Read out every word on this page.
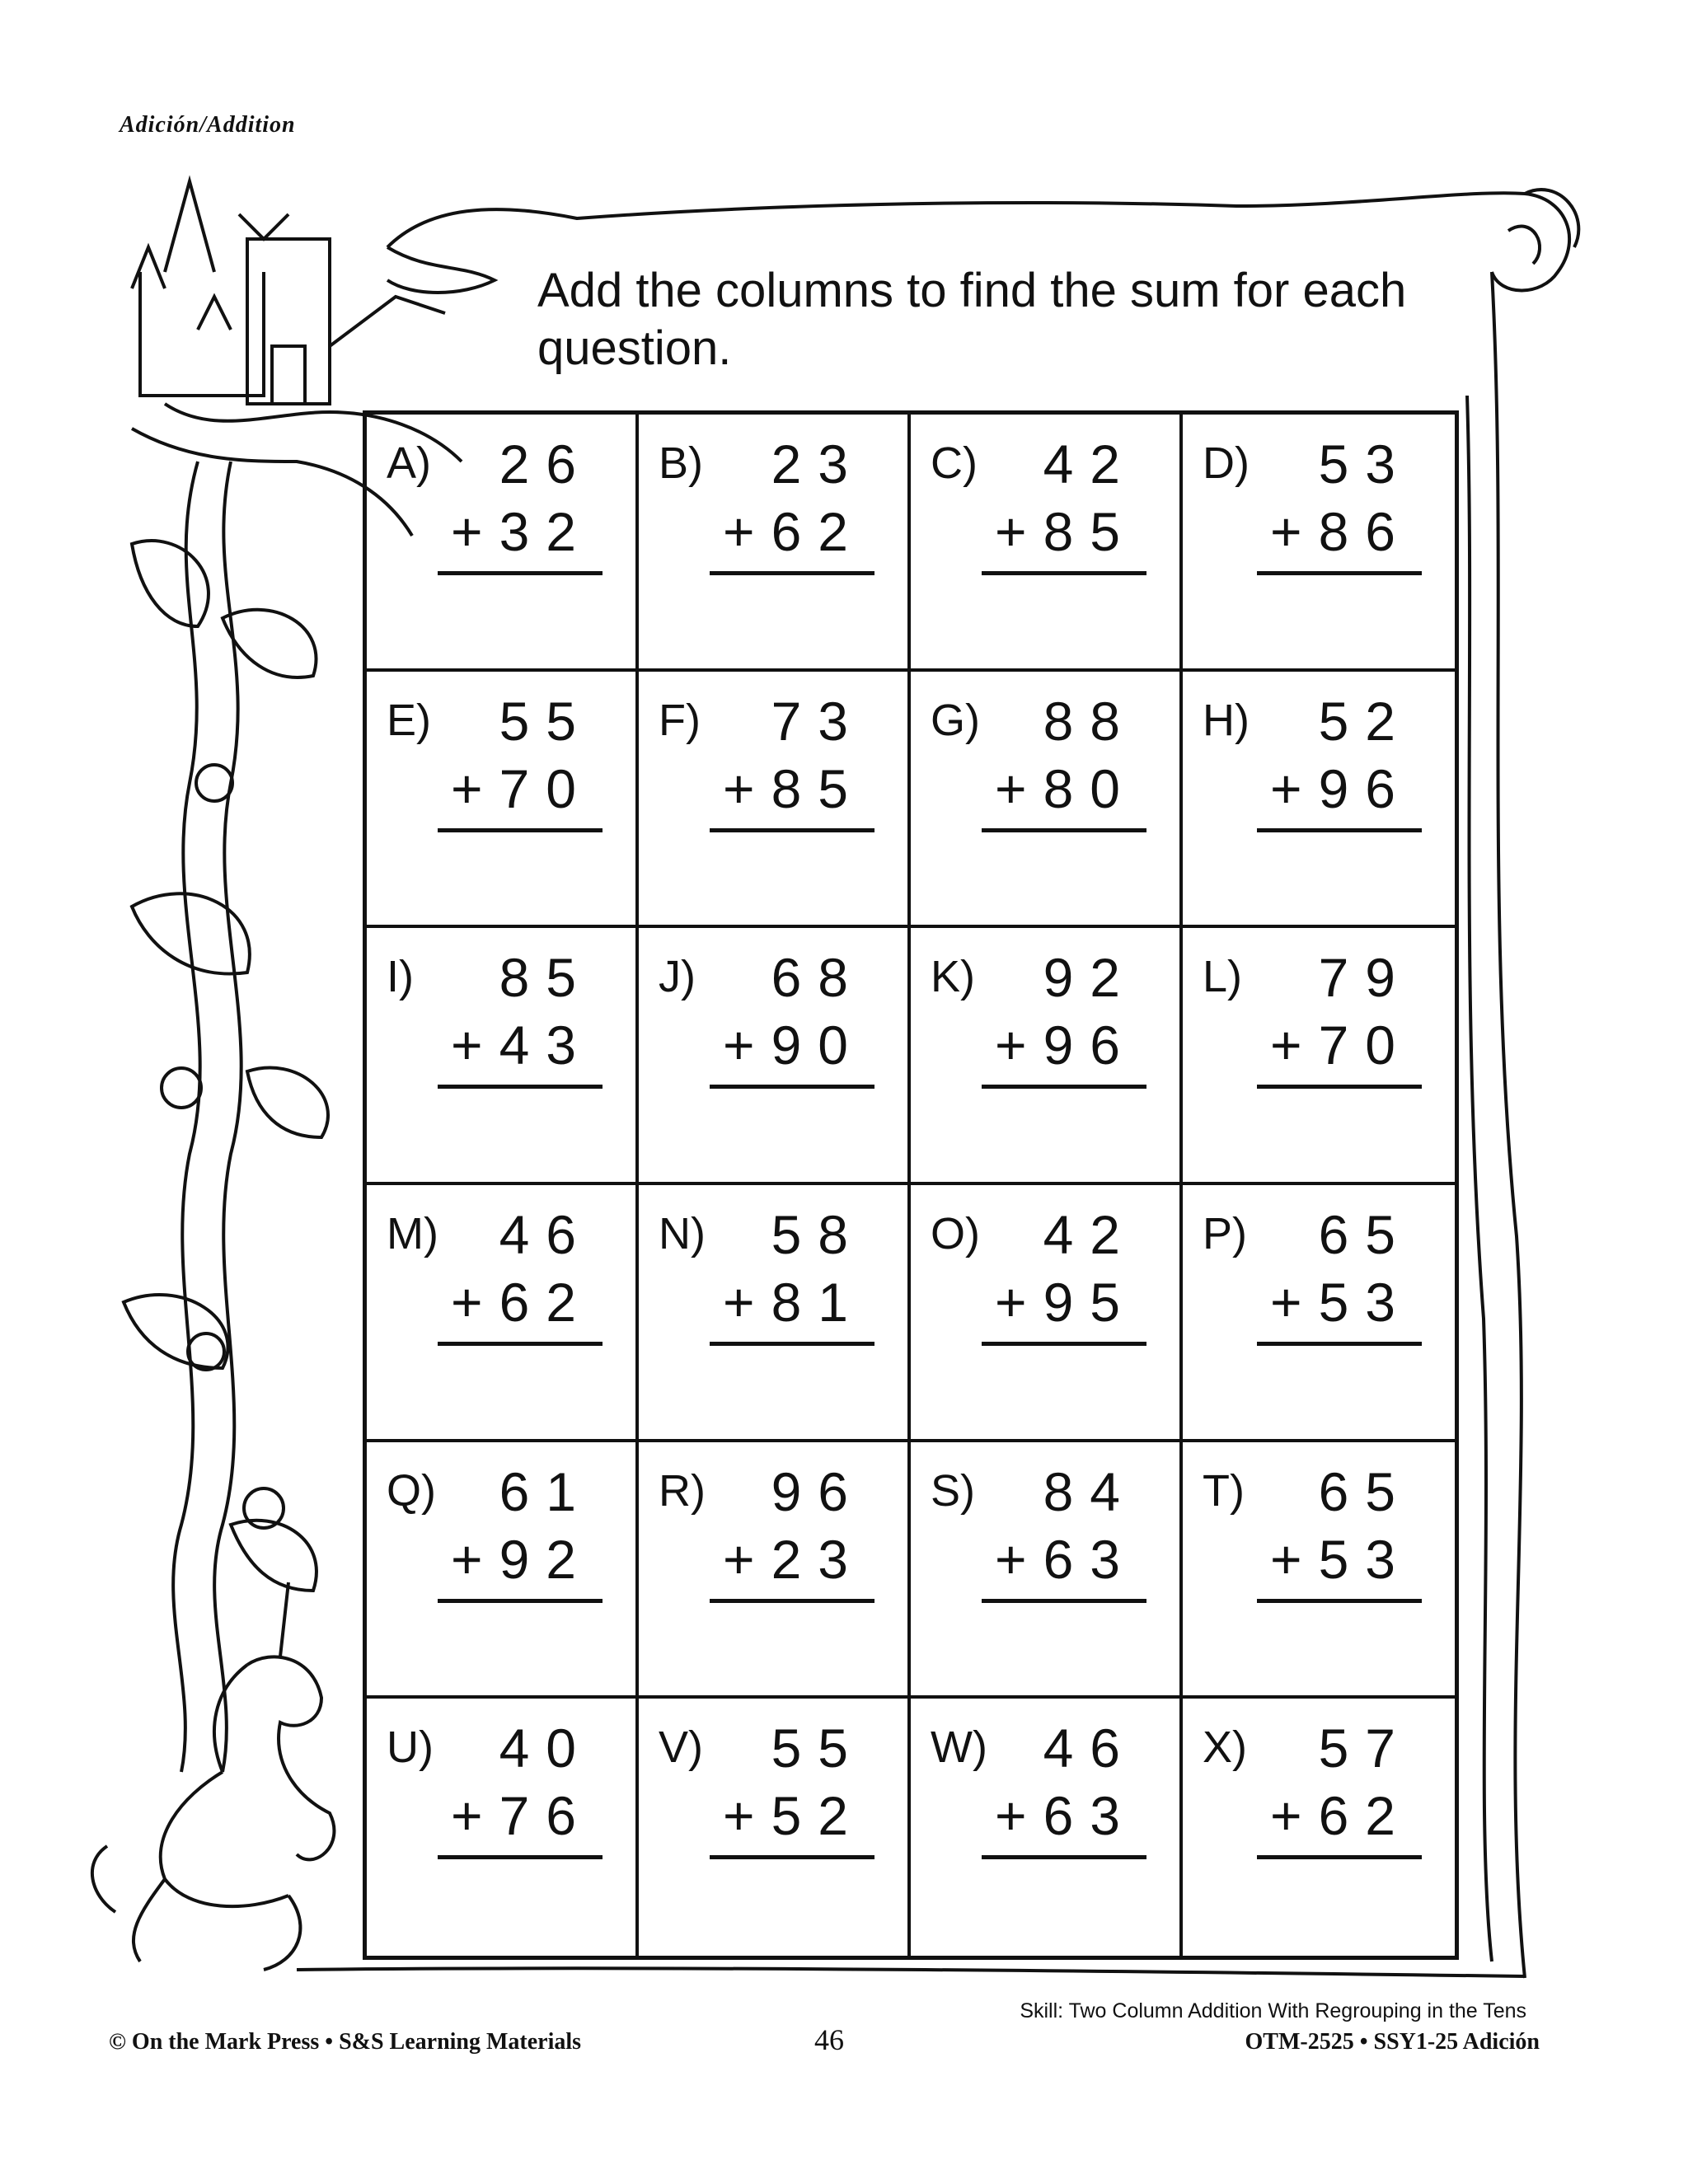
Adición/Addition
Add the columns to find the sum for each question.
A) 26
+32
B) 23
+62
C) 42
+85
D) 53
+86
E) 55
+70
F) 73
+85
G) 88
+80
H) 52
+96
I) 85
+43
J) 68
+90
K) 92
+96
L) 79
+70
M) 46
+62
N) 58
+81
O) 42
+95
P) 65
+53
Q) 61
+92
R) 96
+23
S) 84
+63
T) 65
+53
U) 40
+76
V) 55
+52
W) 46
+63
X) 57
+62
Skill: Two Column Addition With Regrouping in the Tens
© On the Mark Press • S&S Learning Materials	46	OTM-2525 • SSY1-25 Adición
